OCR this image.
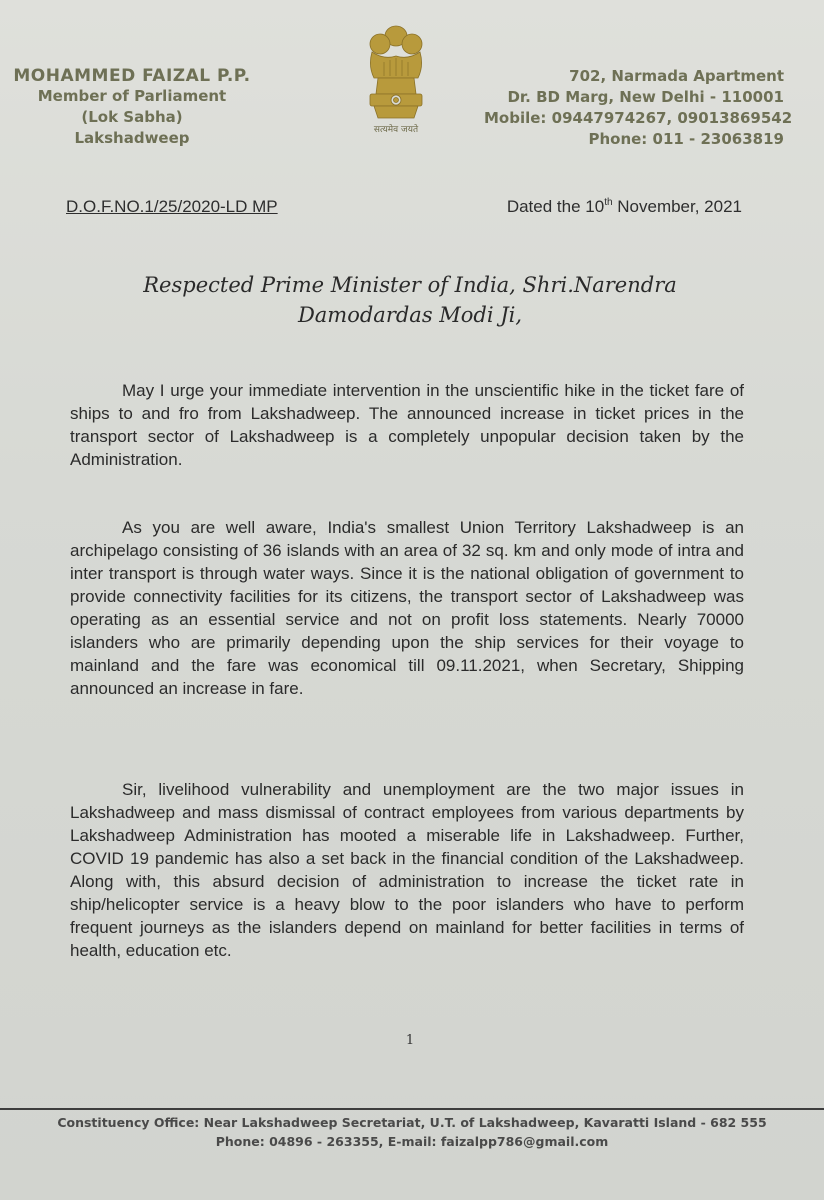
MOHAMMED FAIZAL P.P.
Member of Parliament
(Lok Sabha)
Lakshadweep	सत्यमेव जयते
702, Narmada Apartment
Dr. BD Marg, New Delhi - 110001
Mobile: 09447974267, 09013869542
Phone: 011 - 23063819
D.O.F.NO.1/25/2020-LD MP	Dated the 10th November, 2021
Respected Prime Minister of India, Shri.Narendra
Damodardas Modi Ji,
May I urge your immediate intervention in the unscientific hike in the ticket fare of ships to and fro from Lakshadweep. The announced increase in ticket prices in the transport sector of Lakshadweep is a completely unpopular decision taken by the Administration.
As you are well aware, India's smallest Union Territory Lakshadweep is an archipelago consisting of 36 islands with an area of 32 sq. km and only mode of intra and inter transport is through water ways. Since it is the national obligation of government to provide connectivity facilities for its citizens, the transport sector of Lakshadweep was operating as an essential service and not on profit loss statements. Nearly 70000 islanders who are primarily depending upon the ship services for their voyage to mainland and the fare was economical till 09.11.2021, when Secretary, Shipping announced an increase in fare.
Sir, livelihood vulnerability and unemployment are the two major issues in Lakshadweep and mass dismissal of contract employees from various departments by Lakshadweep Administration has mooted a miserable life in Lakshadweep. Further, COVID 19 pandemic has also a set back in the financial condition of the Lakshadweep. Along with, this absurd decision of administration to increase the ticket rate in ship/helicopter service is a heavy blow to the poor islanders who have to perform frequent journeys as the islanders depend on mainland for better facilities in terms of health, education etc.
1
Constituency Office: Near Lakshadweep Secretariat, U.T. of Lakshadweep, Kavaratti Island - 682 555
Phone: 04896 - 263355, E-mail: faizalpp786@gmail.com
